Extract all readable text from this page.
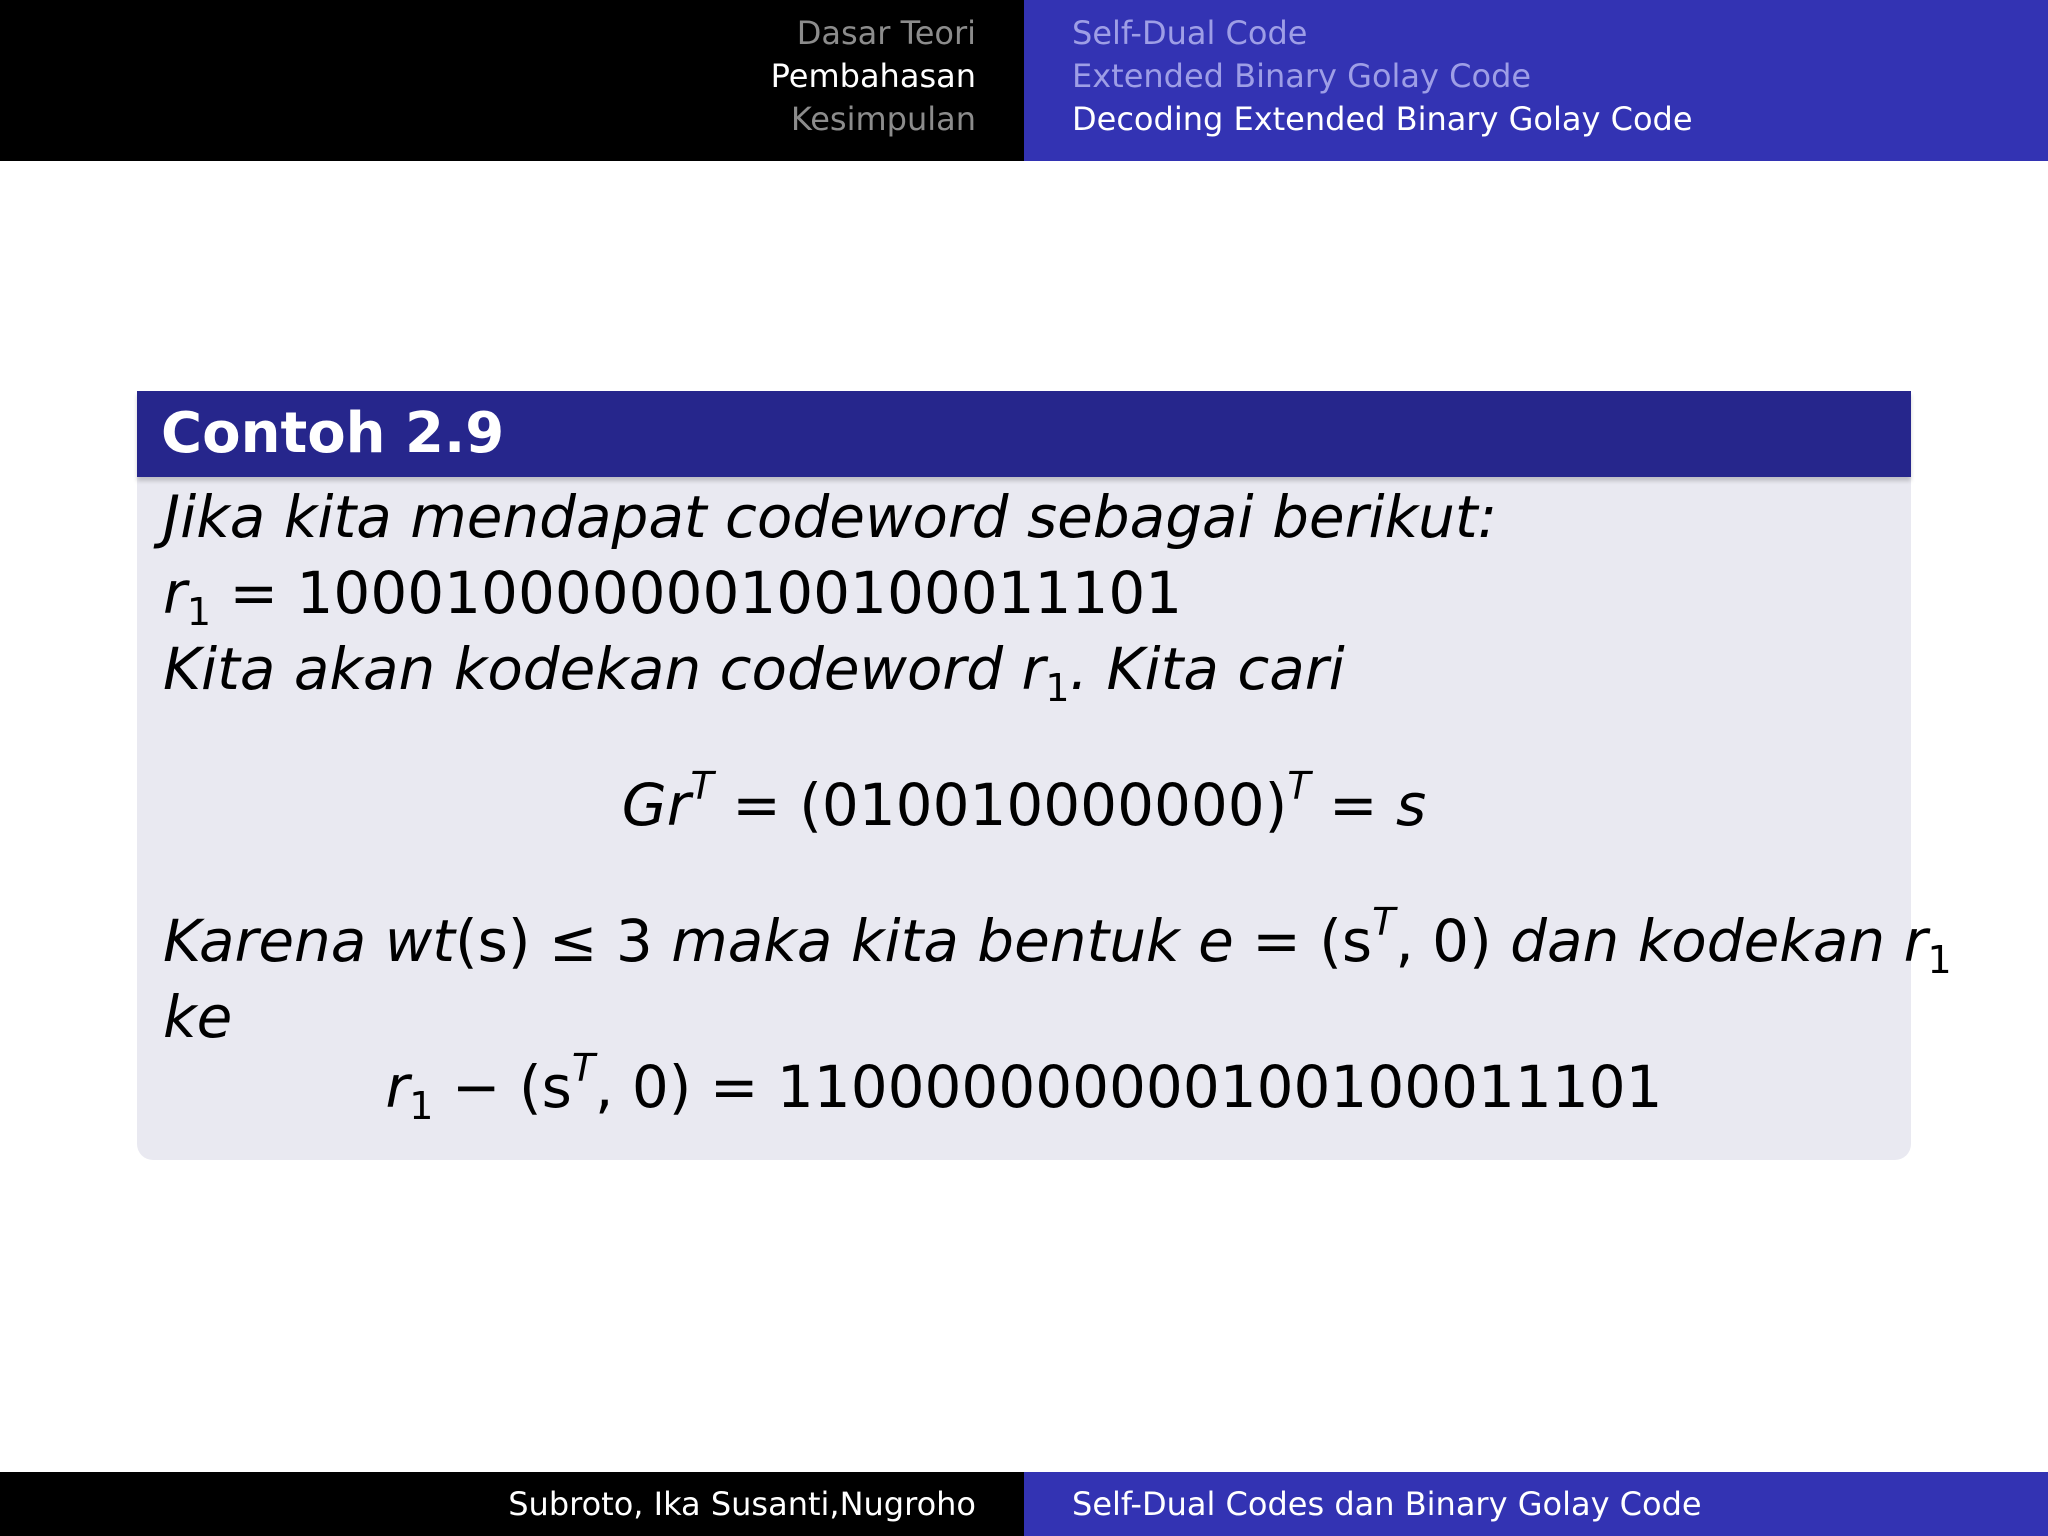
Dasar Teori
Pembahasan
Kesimpulan
Self-Dual Code
Extended Binary Golay Code
Decoding Extended Binary Golay Code
Contoh 2.9
Jika kita mendapat codeword sebagai berikut:
$r_1 = 100010000000100100011101$
Kita akan kodekan codeword $r_1$. Kita cari
$Gr^T = (010010000000)^T = s$
Karena wt(s) ≤ 3 maka kita bentuk $e = (s^T$, 0) dan kodekan $r_1$
ke
$r_1 - (s^T$, 0) = 110000000000100100011101
Subroto, Ika Susanti,Nugroho	Self-Dual Codes dan Binary Golay Code
